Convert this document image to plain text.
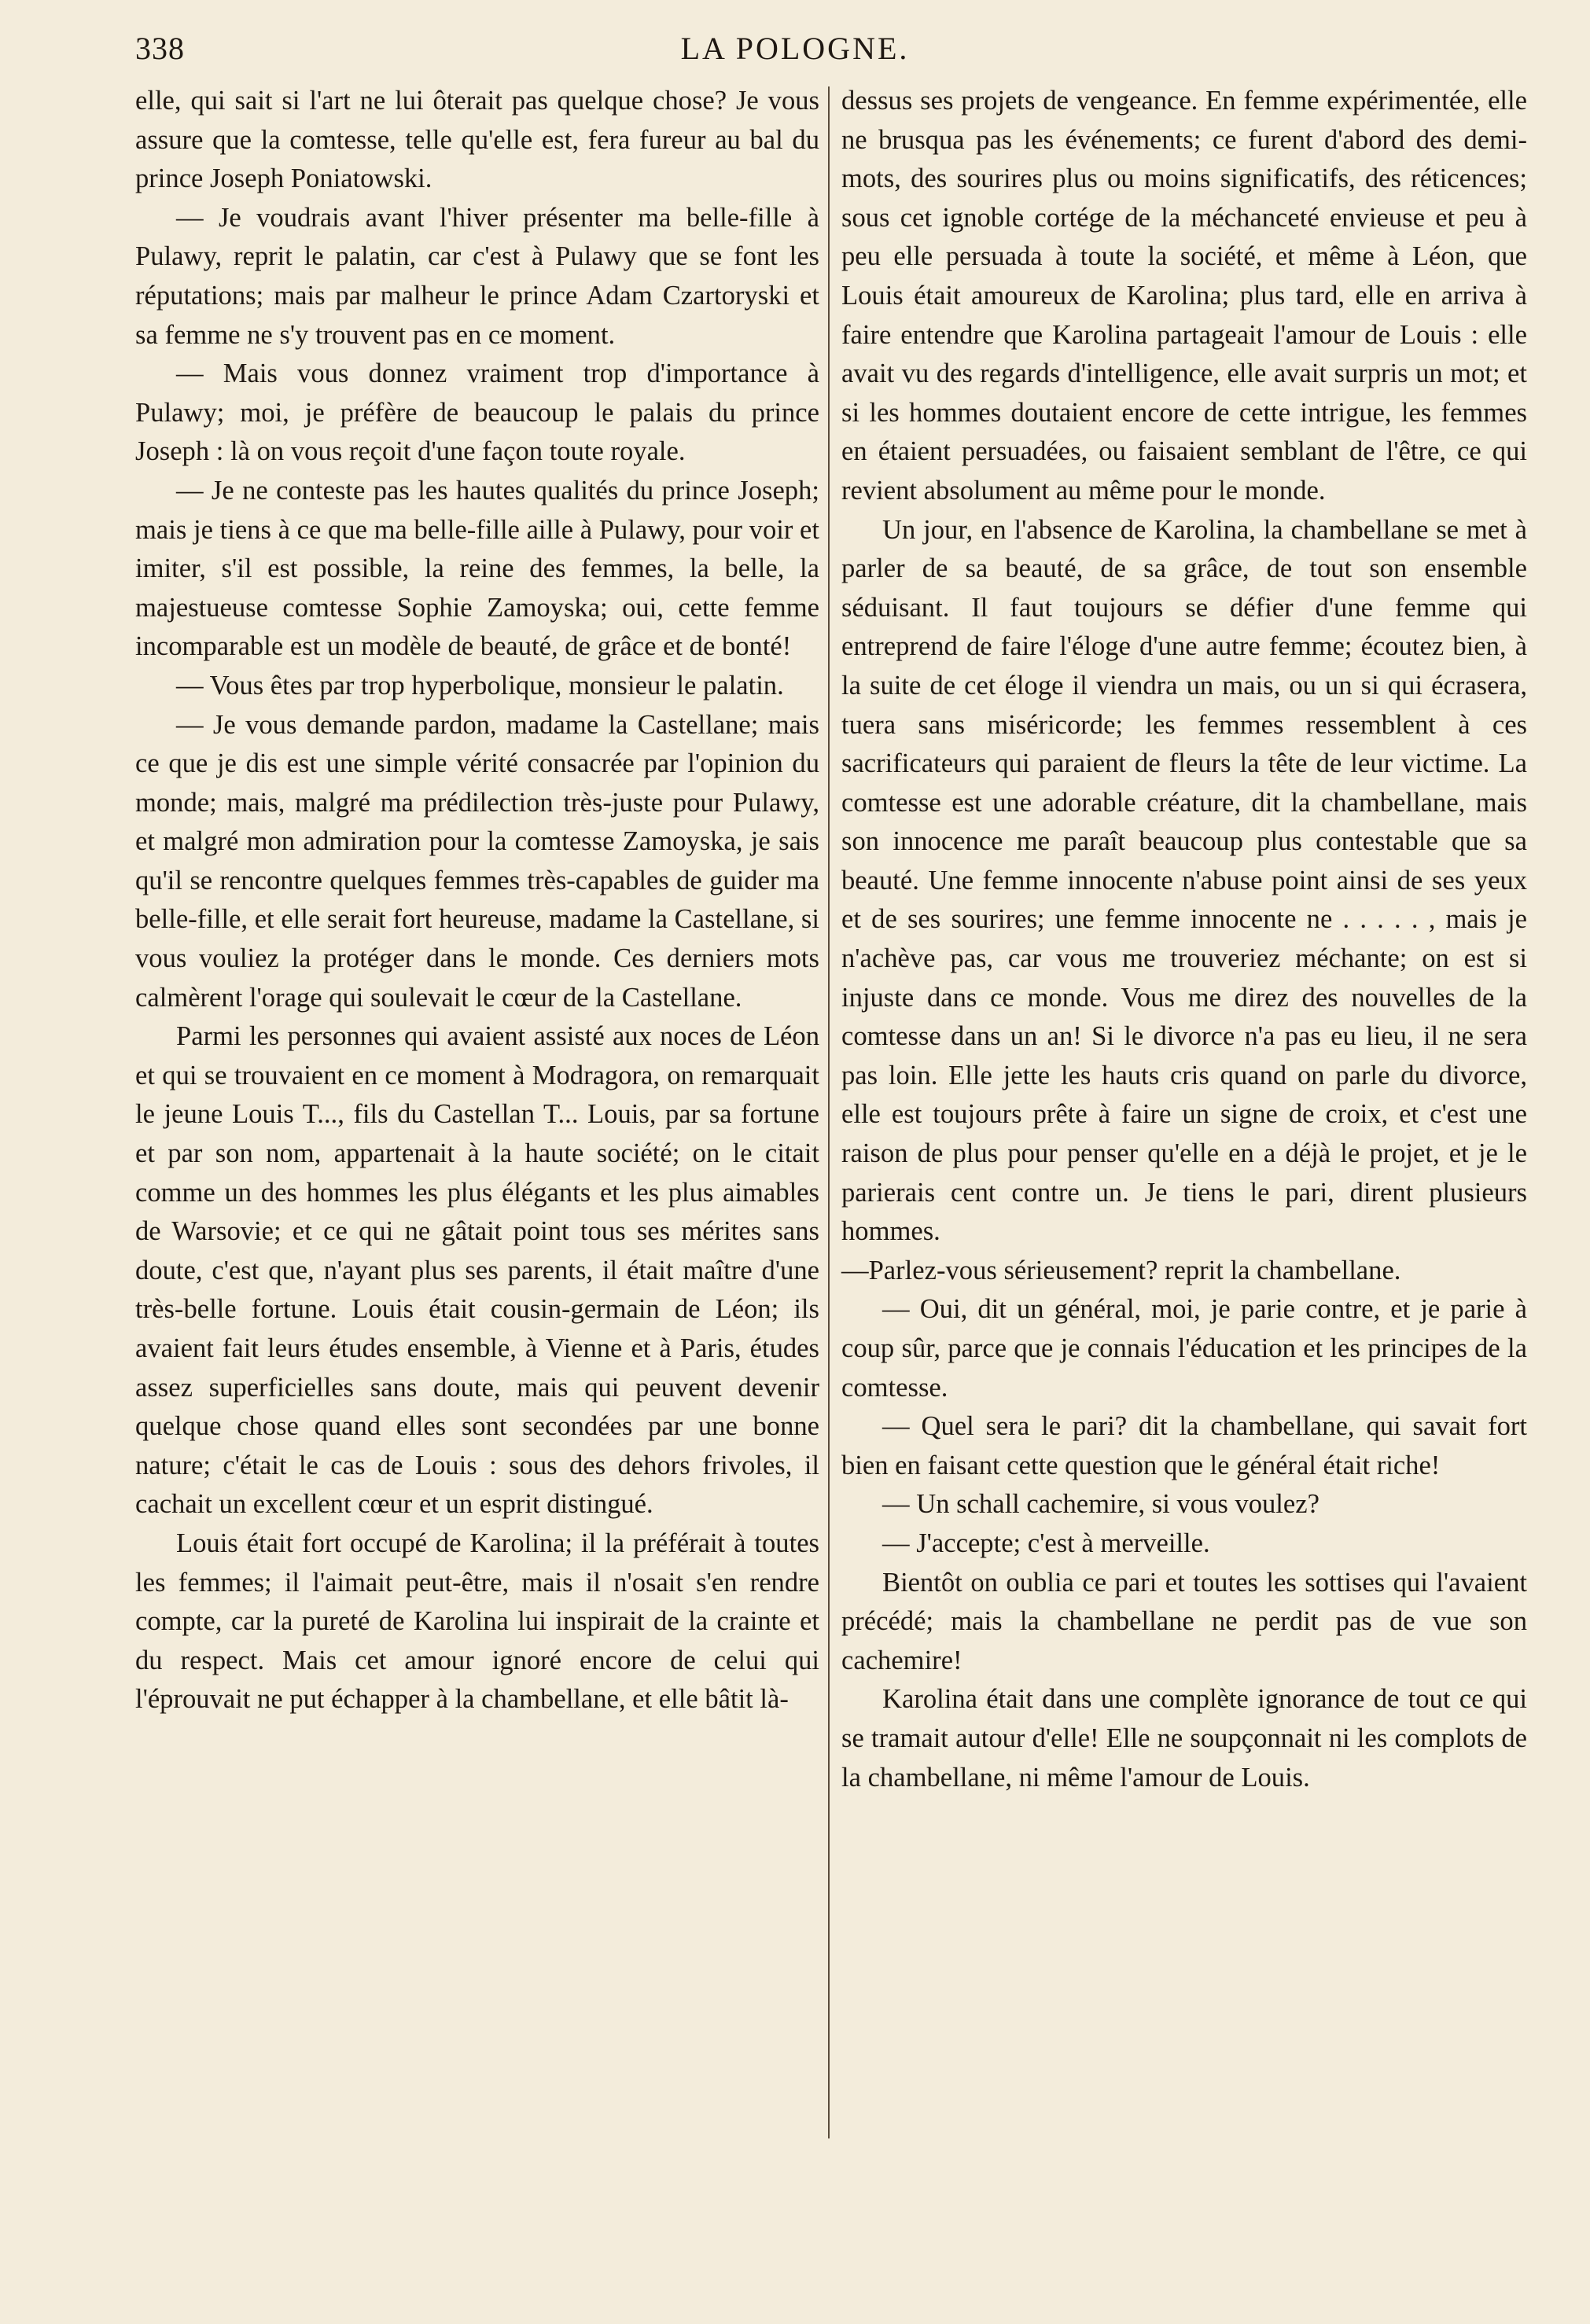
338	LA POLOGNE.

elle, qui sait si l'art ne lui ôterait pas quelque chose? Je vous assure que la comtesse, telle qu'elle est, fera fureur au bal du prince Joseph Poniatowski.

— Je voudrais avant l'hiver présenter ma belle-fille à Pulawy, reprit le palatin, car c'est à Pulawy que se font les réputations; mais par malheur le prince Adam Czartoryski et sa femme ne s'y trouvent pas en ce moment.

— Mais vous donnez vraiment trop d'importance à Pulawy; moi, je préfère de beaucoup le palais du prince Joseph : là on vous reçoit d'une façon toute royale.

— Je ne conteste pas les hautes qualités du prince Joseph; mais je tiens à ce que ma belle-fille aille à Pulawy, pour voir et imiter, s'il est possible, la reine des femmes, la belle, la majestueuse comtesse Sophie Zamoyska; oui, cette femme incomparable est un modèle de beauté, de grâce et de bonté!

— Vous êtes par trop hyperbolique, monsieur le palatin.

— Je vous demande pardon, madame la Castellane; mais ce que je dis est une simple vérité consacrée par l'opinion du monde; mais, malgré ma prédilection très-juste pour Pulawy, et malgré mon admiration pour la comtesse Zamoyska, je sais qu'il se rencontre quelques femmes très-capables de guider ma belle-fille, et elle serait fort heureuse, madame la Castellane, si vous vouliez la protéger dans le monde. Ces derniers mots calmèrent l'orage qui soulevait le cœur de la Castellane.

Parmi les personnes qui avaient assisté aux noces de Léon et qui se trouvaient en ce moment à Modragora, on remarquait le jeune Louis T..., fils du Castellan T... Louis, par sa fortune et par son nom, appartenait à la haute société; on le citait comme un des hommes les plus élégants et les plus aimables de Warsovie; et ce qui ne gâtait point tous ses mérites sans doute, c'est que, n'ayant plus ses parents, il était maître d'une très-belle fortune. Louis était cousin-germain de Léon; ils avaient fait leurs études ensemble, à Vienne et à Paris, études assez superficielles sans doute, mais qui peuvent devenir quelque chose quand elles sont secondées par une bonne nature; c'était le cas de Louis : sous des dehors frivoles, il cachait un excellent cœur et un esprit distingué.

Louis était fort occupé de Karolina; il la préférait à toutes les femmes; il l'aimait peut-être, mais il n'osait s'en rendre compte, car la pureté de Karolina lui inspirait de la crainte et du respect. Mais cet amour ignoré encore de celui qui l'éprouvait ne put échapper à la chambellane, et elle bâtit là-

dessus ses projets de vengeance. En femme expérimentée, elle ne brusqua pas les événements; ce furent d'abord des demi-mots, des sourires plus ou moins significatifs, des réticences; sous cet ignoble cortége de la méchanceté envieuse et peu à peu elle persuada à toute la société, et même à Léon, que Louis était amoureux de Karolina; plus tard, elle en arriva à faire entendre que Karolina partageait l'amour de Louis : elle avait vu des regards d'intelligence, elle avait surpris un mot; et si les hommes doutaient encore de cette intrigue, les femmes en étaient persuadées, ou faisaient semblant de l'être, ce qui revient absolument au même pour le monde.

Un jour, en l'absence de Karolina, la chambellane se met à parler de sa beauté, de sa grâce, de tout son ensemble séduisant. Il faut toujours se défier d'une femme qui entreprend de faire l'éloge d'une autre femme; écoutez bien, à la suite de cet éloge il viendra un mais, ou un si qui écrasera, tuera sans miséricorde; les femmes ressemblent à ces sacrificateurs qui paraient de fleurs la tête de leur victime. La comtesse est une adorable créature, dit la chambellane, mais son innocence me paraît beaucoup plus contestable que sa beauté. Une femme innocente n'abuse point ainsi de ses yeux et de ses sourires; une femme innocente ne . . . . . , mais je n'achève pas, car vous me trouveriez méchante; on est si injuste dans ce monde. Vous me direz des nouvelles de la comtesse dans un an! Si le divorce n'a pas eu lieu, il ne sera pas loin. Elle jette les hauts cris quand on parle du divorce, elle est toujours prête à faire un signe de croix, et c'est une raison de plus pour penser qu'elle en a déjà le projet, et je le parierais cent contre un. Je tiens le pari, dirent plusieurs hommes.

—Parlez-vous sérieusement? reprit la chambellane.

— Oui, dit un général, moi, je parie contre, et je parie à coup sûr, parce que je connais l'éducation et les principes de la comtesse.

— Quel sera le pari? dit la chambellane, qui savait fort bien en faisant cette question que le général était riche!

— Un schall cachemire, si vous voulez?

— J'accepte; c'est à merveille.

Bientôt on oublia ce pari et toutes les sottises qui l'avaient précédé; mais la chambellane ne perdit pas de vue son cachemire!

Karolina était dans une complète ignorance de tout ce qui se tramait autour d'elle! Elle ne soupçonnait ni les complots de la chambellane, ni même l'amour de Louis.
